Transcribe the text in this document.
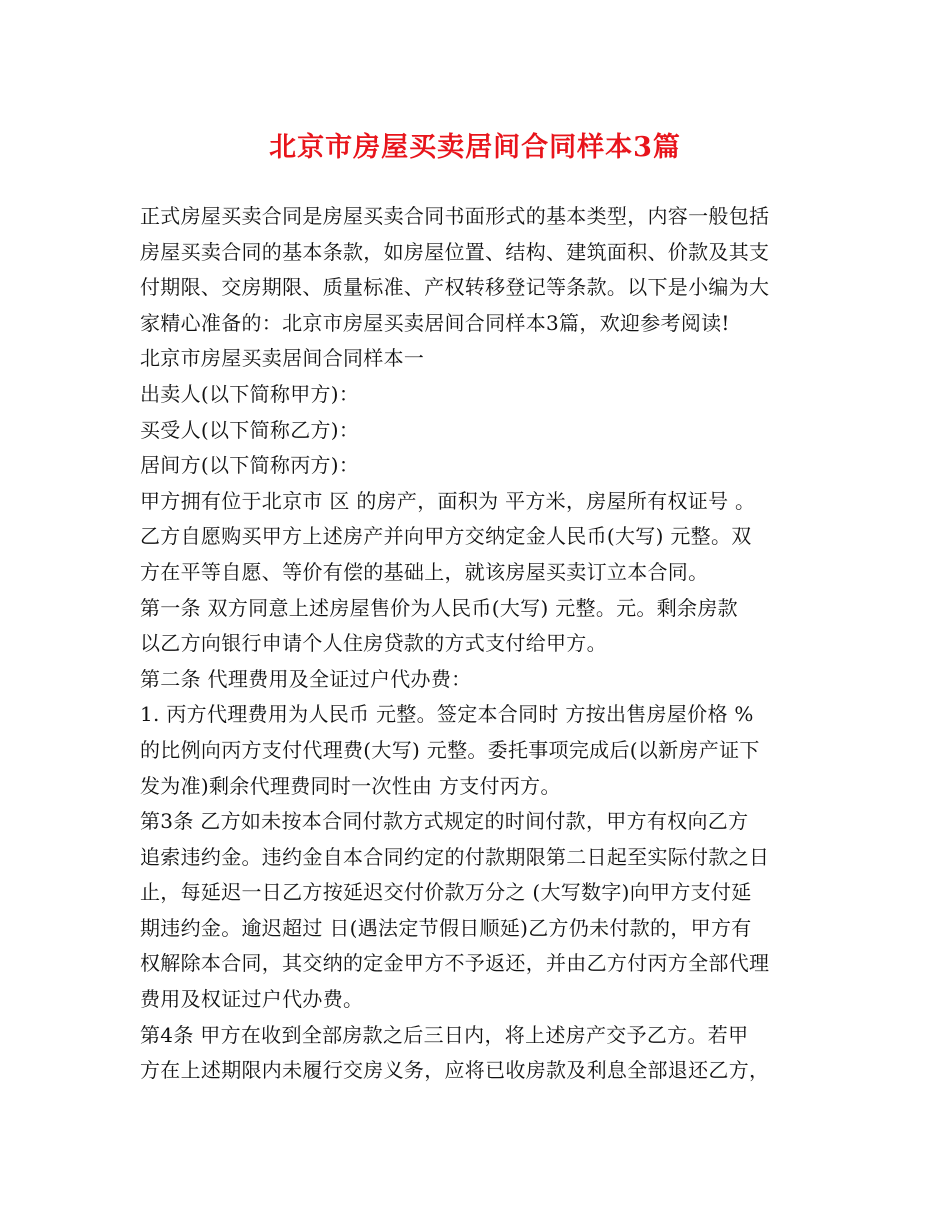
北京市房屋买卖居间合同样本3篇

正式房屋买卖合同是房屋买卖合同书面形式的基本类型，内容一般包括

房屋买卖合同的基本条款，如房屋位置、结构、建筑面积、价款及其支

付期限、交房期限、质量标准、产权转移登记等条款。以下是小编为大

家精心准备的：北京市房屋买卖居间合同样本3篇，欢迎参考阅读!

北京市房屋买卖居间合同样本一

出卖人(以下简称甲方)：

买受人(以下简称乙方)：

居间方(以下简称丙方)：

甲方拥有位于北京市 区 的房产，面积为 平方米，房屋所有权证号 。

乙方自愿购买甲方上述房产并向甲方交纳定金人民币(大写) 元整。双

方在平等自愿、等价有偿的基础上，就该房屋买卖订立本合同。

第一条 双方同意上述房屋售价为人民币(大写) 元整。元。剩余房款

以乙方向银行申请个人住房贷款的方式支付给甲方。

第二条 代理费用及全证过户代办费：

1. 丙方代理费用为人民币 元整。签定本合同时 方按出售房屋价格 %

的比例向丙方支付代理费(大写) 元整。委托事项完成后(以新房产证下

发为准)剩余代理费同时一次性由 方支付丙方。

第3条 乙方如未按本合同付款方式规定的时间付款，甲方有权向乙方

追索违约金。违约金自本合同约定的付款期限第二日起至实际付款之日

止，每延迟一日乙方按延迟交付价款万分之 (大写数字)向甲方支付延

期违约金。逾迟超过 日(遇法定节假日顺延)乙方仍未付款的，甲方有

权解除本合同，其交纳的定金甲方不予返还，并由乙方付丙方全部代理

费用及权证过户代办费。

第4条 甲方在收到全部房款之后三日内，将上述房产交予乙方。若甲

方在上述期限内未履行交房义务，应将已收房款及利息全部退还乙方，
